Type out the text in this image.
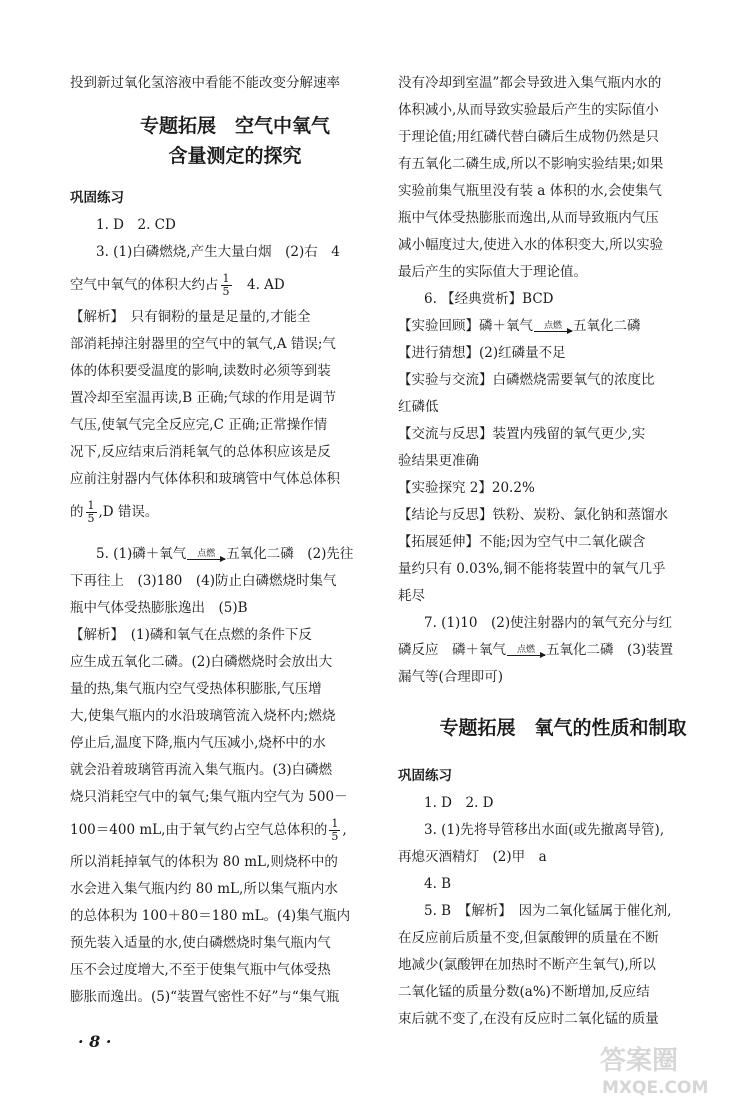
投到新过氧化氢溶液中看能不能改变分解速率
专题拓展　空气中氧气
含量测定的探究
巩固练习
1. D　2. CD
3. (1)白磷燃烧,产生大量白烟　(2)右　4
空气中氧气的体积大约占 $\frac{1}{5}$ 　4. AD
【解析】　只有铜粉的量是足量的,才能全
部消耗掉注射器里的空气中的氧气,A 错误;气
体的体积要受温度的影响,读数时必须等到装
置冷却至室温再读,B 正确;气球的作用是调节
气压,使氧气完全反应完,C 正确;正常操作情
况下,反应结束后消耗氧气的总体积应该是反
应前注射器内气体体积和玻璃管中气体总体积
的 $\frac{1}{5} ,D$ 错误。
5. (1)磷＋氧气 点燃 五氧化二磷　(2)先往
下再往上　(3)180　(4)防止白磷燃烧时集气
瓶中气体受热膨胀逸出　(5)B
【解析】　(1)磷和氧气在点燃的条件下反
应生成五氧化二磷。(2)白磷燃烧时会放出大
量的热,集气瓶内空气受热体积膨胀,气压增
大,使集气瓶内的水沿玻璃管流入烧杯内;燃烧
停止后,温度下降,瓶内气压减小,烧杯中的水
就会沿着玻璃管再流入集气瓶内。(3)白磷燃
烧只消耗空气中的氧气;集气瓶内空气为 500－
100＝400 mL,由于氧气约占空气总体积的 $\frac{1}{5}$ ,
所以消耗掉氧气的体积为 80 mL,则烧杯中的
水会进入集气瓶内约 80 mL,所以集气瓶内水
的总体积为 100＋80＝180 mL。(4)集气瓶内
预先装入适量的水,使白磷燃烧时集气瓶内气
压不会过度增大,不至于使集气瓶中气体受热
膨胀而逸出。(5)“装置气密性不好”与“集气瓶
没有冷却到室温”都会导致进入集气瓶内水的
体积减小,从而导致实验最后产生的实际值小
于理论值;用红磷代替白磷后生成物仍然是只
有五氧化二磷生成,所以不影响实验结果;如果
实验前集气瓶里没有装 a 体积的水,会使集气
瓶中气体受热膨胀而逸出,从而导致瓶内气压
减小幅度过大,使进入水的体积变大,所以实验
最后产生的实际值大于理论值。
6. 【经典赏析】BCD
【实验回顾】磷＋氧气 点燃 五氧化二磷
【进行猜想】(2)红磷量不足
【实验与交流】白磷燃烧需要氧气的浓度比
红磷低
【交流与反思】装置内残留的氧气更少,实
验结果更准确
【实验探究 2】20.2%
【结论与反思】铁粉、炭粉、氯化钠和蒸馏水
【拓展延伸】不能;因为空气中二氧化碳含
量约只有 0.03%,铜不能将装置中的氧气几乎
耗尽
7. (1)10　(2)使注射器内的氧气充分与红
磷反应　磷＋氧气 点燃 五氧化二磷　(3)装置
漏气等(合理即可)
专题拓展　氧气的性质和制取
巩固练习
1. D　2. D
3. (1)先将导管移出水面(或先撤离导管),
再熄灭酒精灯　(2)甲　a
4. B
5. B　【解析】　因为二氧化锰属于催化剂,
在反应前后质量不变,但氯酸钾的质量在不断
地减少(氯酸钾在加热时不断产生氧气),所以
二氧化锰的质量分数(a%)不断增加,反应结
束后就不变了,在没有反应时二氧化锰的质量
· 8 ·
答案圈
MXQE.COM
